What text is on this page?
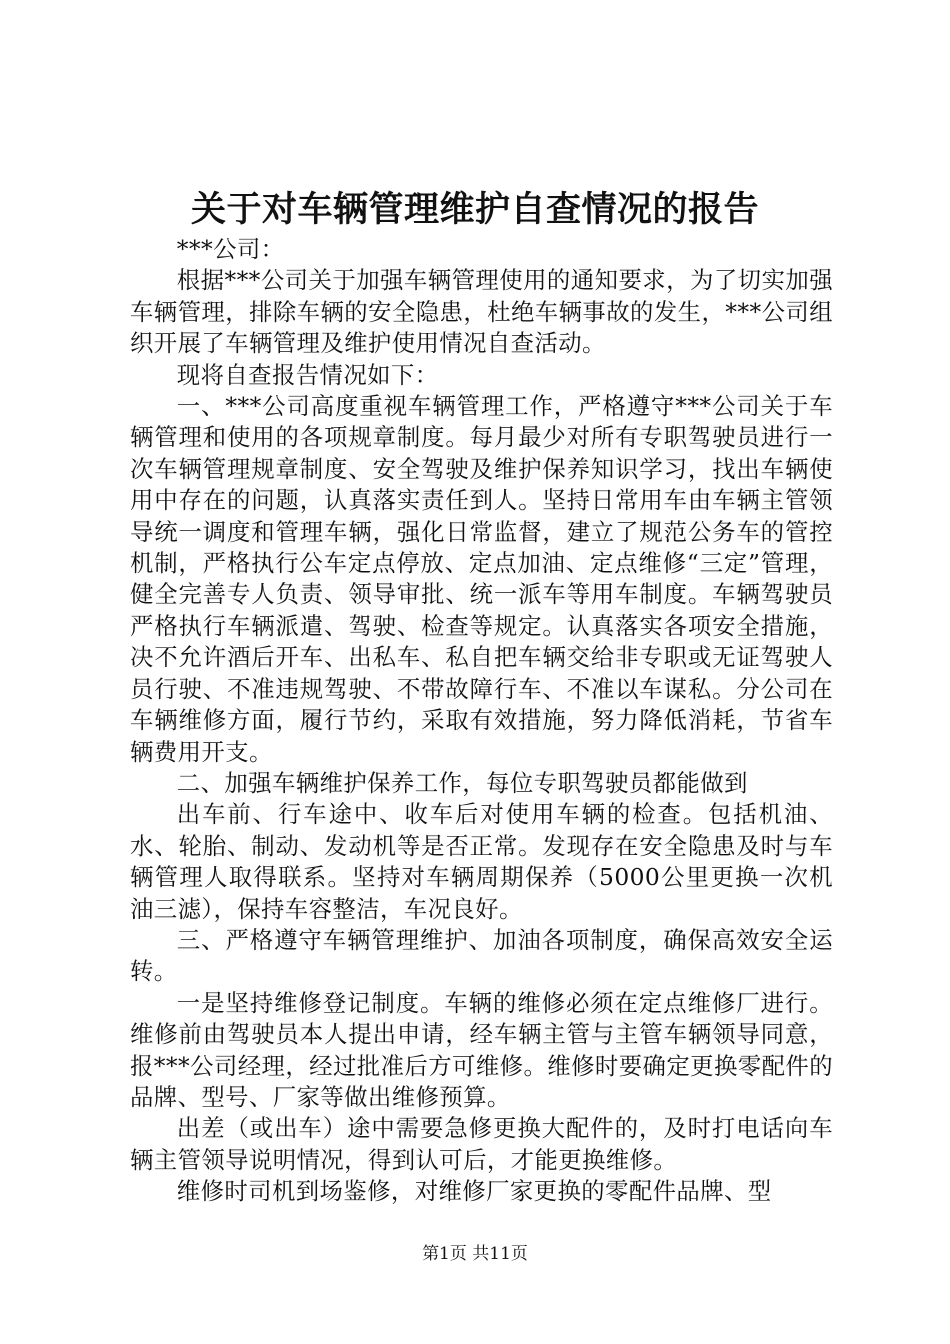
关于对车辆管理维护自查情况的报告

***公司：

根据***公司关于加强车辆管理使用的通知要求，为了切实加强车辆管理，排除车辆的安全隐患，杜绝车辆事故的发生，***公司组织开展了车辆管理及维护使用情况自查活动。

现将自查报告情况如下：

一、***公司高度重视车辆管理工作，严格遵守***公司关于车辆管理和使用的各项规章制度。每月最少对所有专职驾驶员进行一次车辆管理规章制度、安全驾驶及维护保养知识学习，找出车辆使用中存在的问题，认真落实责任到人。坚持日常用车由车辆主管领导统一调度和管理车辆，强化日常监督，建立了规范公务车的管控机制，严格执行公车定点停放、定点加油、定点维修“三定”管理，健全完善专人负责、领导审批、统一派车等用车制度。车辆驾驶员严格执行车辆派遣、驾驶、检查等规定。认真落实各项安全措施，决不允许酒后开车、出私车、私自把车辆交给非专职或无证驾驶人员行驶、不准违规驾驶、不带故障行车、不准以车谋私。分公司在车辆维修方面，履行节约，采取有效措施，努力降低消耗，节省车辆费用开支。

二、加强车辆维护保养工作，每位专职驾驶员都能做到

出车前、行车途中、收车后对使用车辆的检查。包括机油、水、轮胎、制动、发动机等是否正常。发现存在安全隐患及时与车辆管理人取得联系。坚持对车辆周期保养（5000公里更换一次机油三滤），保持车容整洁，车况良好。

三、严格遵守车辆管理维护、加油各项制度，确保高效安全运转。

一是坚持维修登记制度。车辆的维修必须在定点维修厂进行。维修前由驾驶员本人提出申请，经车辆主管与主管车辆领导同意，报***公司经理，经过批准后方可维修。维修时要确定更换零配件的品牌、型号、厂家等做出维修预算。

出差（或出车）途中需要急修更换大配件的，及时打电话向车辆主管领导说明情况，得到认可后，才能更换维修。

维修时司机到场鉴修，对维修厂家更换的零配件品牌、型

第1页 共11页
